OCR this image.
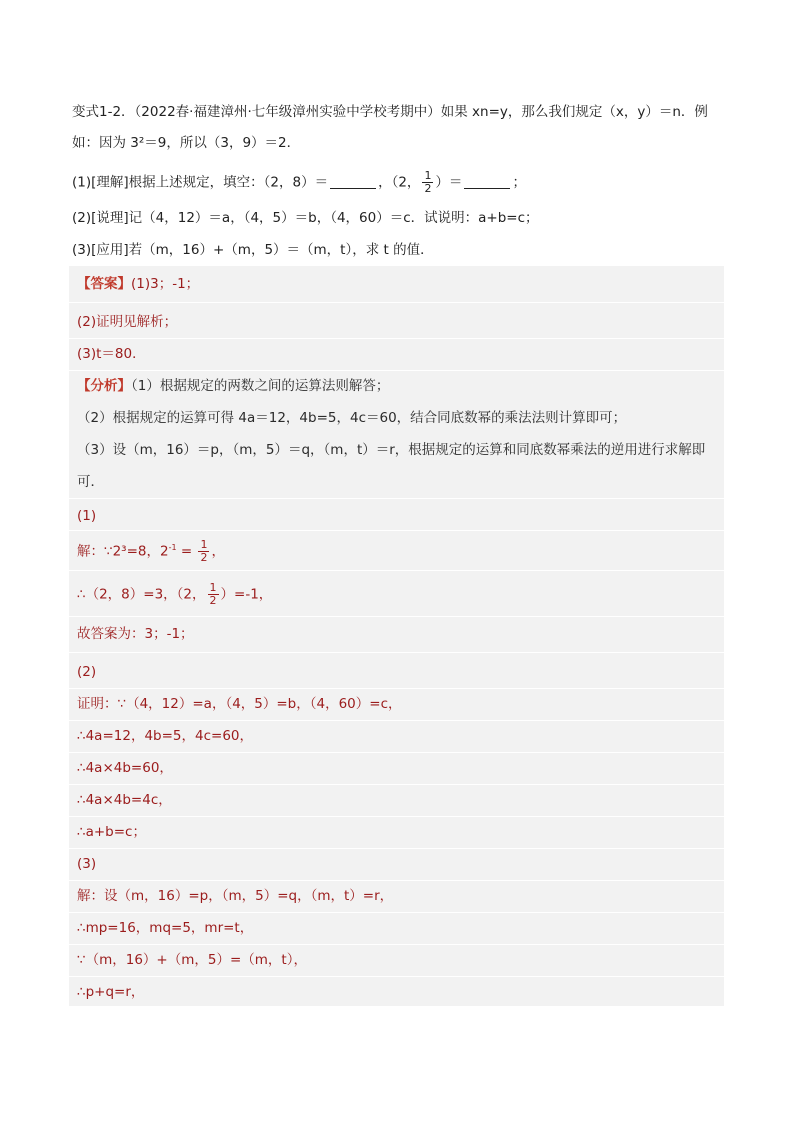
变式1-2．（2022春·福建漳州·七年级漳州实验中学校考期中）如果 xn=y，那么我们规定（x，y）＝n．例
如：因为 3²＝9，所以（3，9）＝2．
(1)[理解]根据上述规定，填空：（2，8）＝	，（2， $\frac{1}{2}$ ）＝	；
(2)[说理]记（4，12）＝a，（4，5）＝b，（4，60）＝c．试说明：a+b=c；
(3)[应用]若（m，16）+（m，5）＝（m，t），求 t 的值．
【答案】(1)3；-1；
(2)证明见解析；
(3)t＝80．
【分析】（1）根据规定的两数之间的运算法则解答；
（2）根据规定的运算可得 4a＝12，4b=5，4c＝60，结合同底数幂的乘法法则计算即可；
（3）设（m，16）＝p，（m，5）＝q，（m，t）＝r，根据规定的运算和同底数幂乘法的逆用进行求解即
可．
(1)
解：∵2³=8，$2^{-1} = \frac{1}{2}$ ，
∴（2，8）=3，（2， $\frac{1}{2} )=-1$，
故答案为：3；-1；
(2)
证明：∵（4，12）=a，（4，5）=b，（4，60）=c，
∴4a=12，4b=5，4c=60，
∴4a×4b=60，
∴4a×4b=4c，
∴a+b=c；
(3)
解：设（m，16）=p，（m，5）=q，（m，t）=r，
∴mp=16，mq=5，mr=t，
∵（m，16）+（m，5）=（m，t），
∴p+q=r，
